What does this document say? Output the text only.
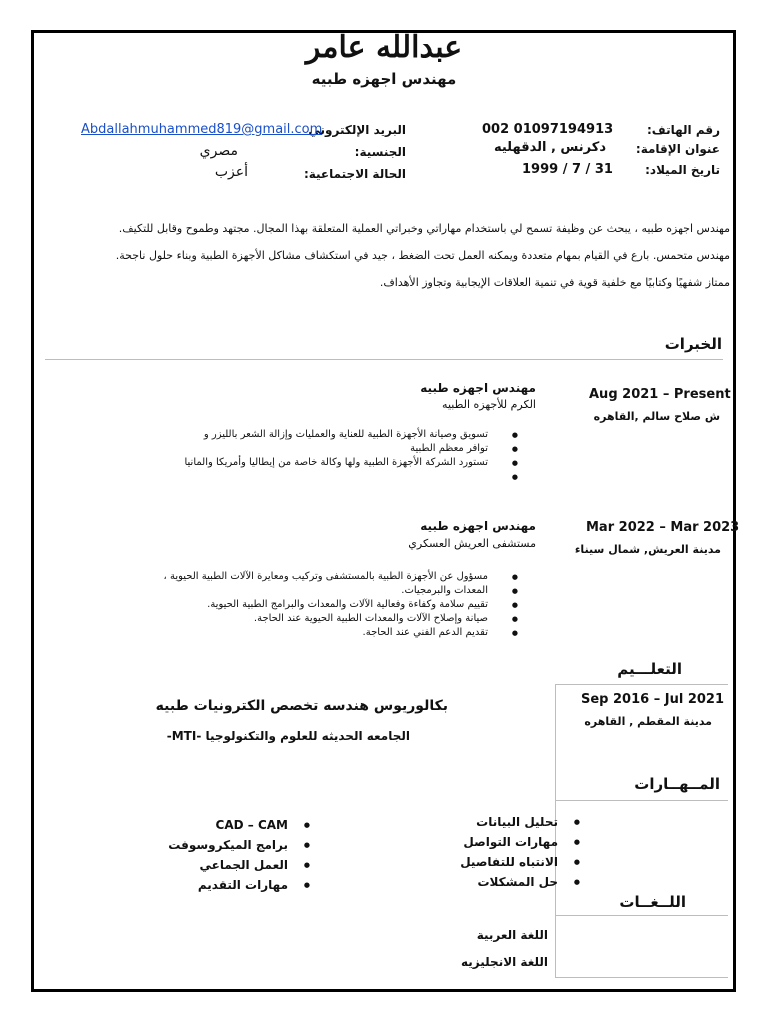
عبدالله عامر
مهندس اجهزه طبيه
رقم الهاتف:
002 01097194913
عنوان الإقامة:
دكرنس , الدقهليه
تاريخ الميلاد:
1999 / 7 / 31
البريد الإلكتروني
Abdallahmuhammed819@gmail.com
الجنسية:
مصري
الحالة الاجتماعية:
أعزب
مهندس اجهزه طبيه ، يبحث عن وظيفة تسمح لي باستخدام مهاراتي وخبراتي العملية المتعلقة بهذا المجال. مجتهد وطموح وقابل للتكيف.
مهندس متحمس. بارع في القيام بمهام متعددة ويمكنه العمل تحت الضغط ، جيد في استكشاف مشاكل الأجهزة الطبية وبناء حلول ناجحة.
ممتاز شفهيًا وكتابيًا مع خلفية قوية في تنمية العلاقات الإيجابية وتجاوز الأهداف.
الخبرات
Aug 2021 – Present
ش صلاح سالم ,القاهره
مهندس اجهزه طبيه
الكرم للأجهزه الطبيه
● تسويق وصيانة الأجهزة الطبية للعناية والعمليات وإزالة الشعر بالليزر و
● توافر معظم الطبية
● تستورد الشركة الأجهزة الطبية ولها وكالة خاصة من إيطاليا وأمريكا والمانيا
●
Mar 2022 – Mar 2023
مدينة العريش, شمال سيناء
مهندس اجهزه طبيه
مستشفى العريش العسكري
● مسؤول عن الأجهزة الطبية بالمستشفى وتركيب ومعايرة الآلات الطبية الحيوية ،
● المعدات والبرمجيات.
● تقييم سلامة وكفاءة وفعالية الآلات والمعدات والبرامج الطبية الحيوية.
● صيانة وإصلاح الآلات والمعدات الطبية الحيوية عند الحاجة.
● تقديم الدعم الفني عند الحاجة.
التعلـــيم
Sep 2016 – Jul 2021
مدينة المقطم , القاهره
بكالوريوس هندسه تخصص الكترونيات طبيه
الجامعه الحديثه للعلوم والتكنولوجيا -MTI-
المــهــارات
● تحليل البيانات
● مهارات التواصل
● الانتباه للتفاصيل
● حل المشكلات
● CAD – CAM
● برامج الميكروسوفت
● العمل الجماعي
● مهارات التقديم
اللــغــات
اللغة العربية
اللغة الانجليزيه
